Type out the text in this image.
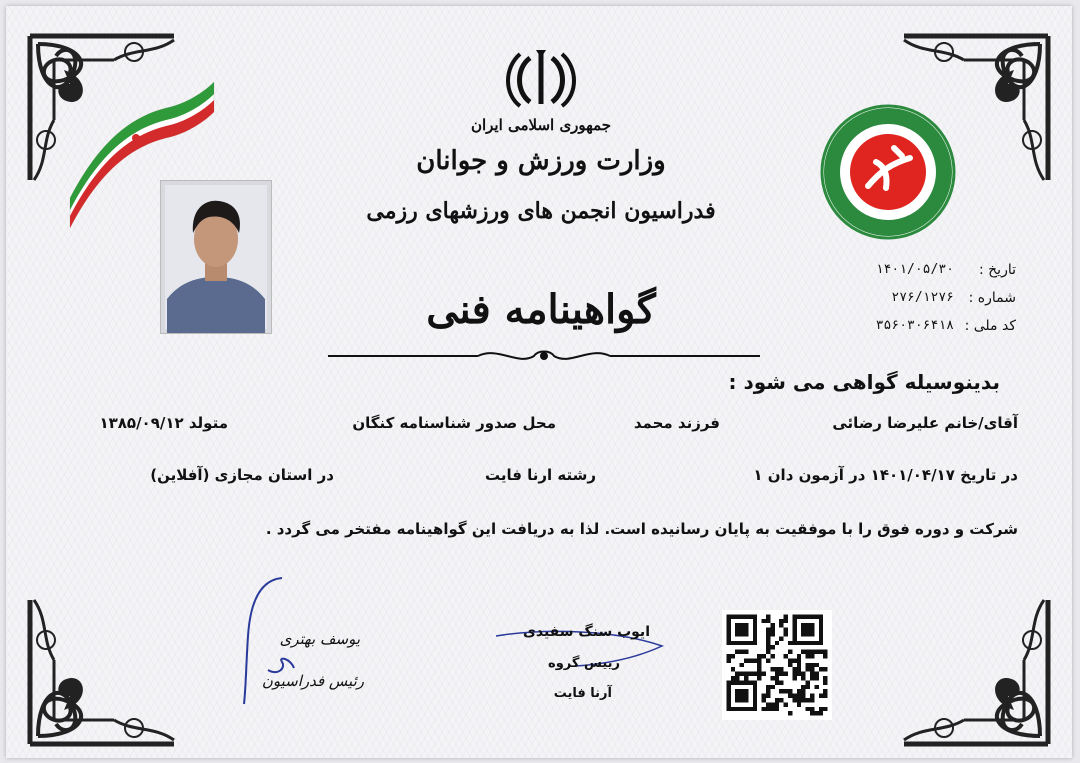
جمهوری اسلامی ایران
وزارت ورزش و جوانان
فدراسیون انجمن های ورزشهای رزمی
تاریخ :
۱۴۰۱/۰۵/۳۰
شماره :
۲۷۶/۱۲۷۶
کد ملی :
۳۵۶۰۳۰۶۴۱۸
گواهینامه فنی
بدینوسیله گواهی می شود :
آقای/خانم علیرضا رضائی
فرزند محمد
محل صدور شناسنامه کنگان
متولد ۱۳۸۵/۰۹/۱۲
در تاریخ ۱۴۰۱/۰۴/۱۷ در آزمون دان ۱
رشته ارنا فایت
در استان مجازی (آفلاین)
شرکت و دوره فوق را با موفقیت به پایان رسانیده است. لذا به دریافت این گواهینامه مفتخر می گردد .
یوسف بهتری
رئیس فدراسیون
ایوب سنگ سفیدی
رییس گروه
آرنا فایت
